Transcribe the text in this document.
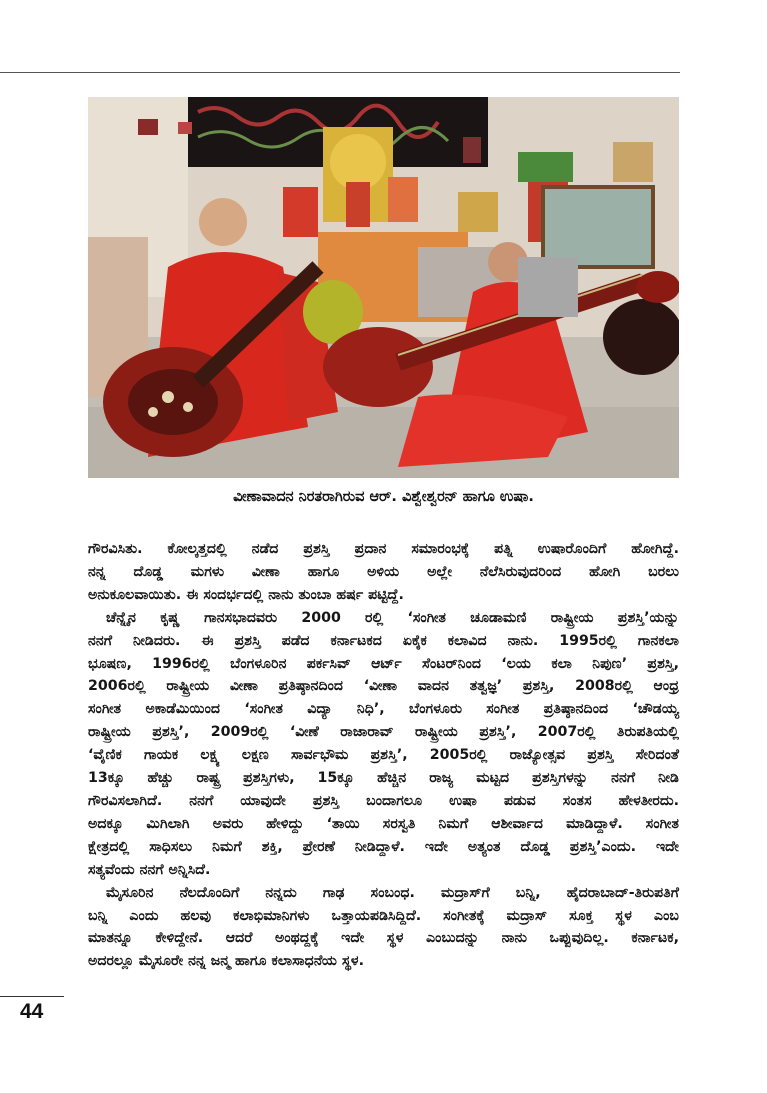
ವೀಣಾವಾದನ ನಿರತರಾಗಿರುವ ಆರ್. ವಿಶ್ವೇಶ್ವರನ್ ಹಾಗೂ ಉಷಾ.

ಗೌರವಿಸಿತು. ಕೋಲ್ಕತ್ತದಲ್ಲಿ ನಡೆದ ಪ್ರಶಸ್ತಿ ಪ್ರದಾನ ಸಮಾರಂಭಕ್ಕೆ ಪತ್ನಿ ಉಷಾರೊಂದಿಗೆ ಹೋಗಿದ್ದೆ.

ನನ್ನ ದೊಡ್ಡ ಮಗಳು ವೀಣಾ ಹಾಗೂ ಅಳಿಯ ಅಲ್ಲೇ ನೆಲೆಸಿರುವುದರಿಂದ ಹೋಗಿ ಬರಲು

ಅನುಕೂಲವಾಯಿತು. ಈ ಸಂದರ್ಭದಲ್ಲಿ ನಾನು ತುಂಬಾ ಹರ್ಷ ಪಟ್ಟಿದ್ದೆ.

ಚೆನ್ನೈನ ಕೃಷ್ಣ ಗಾನಸಭಾದವರು 2000 ರಲ್ಲಿ ‘ಸಂಗೀತ ಚೂಡಾಮಣಿ ರಾಷ್ಟ್ರೀಯ ಪ್ರಶಸ್ತಿ’ಯನ್ನು

ನನಗೆ ನೀಡಿದರು. ಈ ಪ್ರಶಸ್ತಿ ಪಡೆದ ಕರ್ನಾಟಕದ ಏಕೈಕ ಕಲಾವಿದ ನಾನು. 1995ರಲ್ಲಿ ಗಾನಕಲಾ

ಭೂಷಣ, 1996ರಲ್ಲಿ ಬೆಂಗಳೂರಿನ ಪರ್ಕಸಿವ್ ಆರ್ಟ್ ಸೆಂಟರ್‌ನಿಂದ ‘ಲಯ ಕಲಾ ನಿಪುಣ’ ಪ್ರಶಸ್ತಿ,

2006ರಲ್ಲಿ ರಾಷ್ಟ್ರೀಯ ವೀಣಾ ಪ್ರತಿಷ್ಠಾನದಿಂದ ‘ವೀಣಾ ವಾದನ ತತ್ವಜ್ಞ’ ಪ್ರಶಸ್ತಿ, 2008ರಲ್ಲಿ ಆಂಧ್ರ

ಸಂಗೀತ ಅಕಾಡೆಮಿಯಿಂದ ‘ಸಂಗೀತ ವಿದ್ಯಾ ನಿಧಿ’, ಬೆಂಗಳೂರು ಸಂಗೀತ ಪ್ರತಿಷ್ಠಾನದಿಂದ ‘ಚೌಡಯ್ಯ

ರಾಷ್ಟ್ರೀಯ ಪ್ರಶಸ್ತಿ’, 2009ರಲ್ಲಿ ‘ವೀಣೆ ರಾಜಾರಾವ್ ರಾಷ್ಟ್ರೀಯ ಪ್ರಶಸ್ತಿ’, 2007ರಲ್ಲಿ ತಿರುಪತಿಯಲ್ಲಿ

‘ವೈಣಿಕ ಗಾಯಕ ಲಕ್ಷ್ಯ ಲಕ್ಷಣ ಸಾರ್ವಭೌಮ ಪ್ರಶಸ್ತಿ’, 2005ರಲ್ಲಿ ರಾಜ್ಯೋತ್ಸವ ಪ್ರಶಸ್ತಿ ಸೇರಿದಂತೆ

13ಕ್ಕೂ ಹೆಚ್ಚು ರಾಷ್ಟ್ರ ಪ್ರಶಸ್ತಿಗಳು, 15ಕ್ಕೂ ಹೆಚ್ಚಿನ ರಾಜ್ಯ ಮಟ್ಟದ ಪ್ರಶಸ್ತಿಗಳನ್ನು ನನಗೆ ನೀಡಿ

ಗೌರವಿಸಲಾಗಿದೆ. ನನಗೆ ಯಾವುದೇ ಪ್ರಶಸ್ತಿ ಬಂದಾಗಲೂ ಉಷಾ ಪಡುವ ಸಂತಸ ಹೇಳತೀರದು.

ಅದಕ್ಕೂ ಮಿಗಿಲಾಗಿ ಅವರು ಹೇಳಿದ್ದು ‘ತಾಯಿ ಸರಸ್ವತಿ ನಿಮಗೆ ಆಶೀರ್ವಾದ ಮಾಡಿದ್ದಾಳೆ. ಸಂಗೀತ

ಕ್ಷೇತ್ರದಲ್ಲಿ ಸಾಧಿಸಲು ನಿಮಗೆ ಶಕ್ತಿ, ಪ್ರೇರಣೆ ನೀಡಿದ್ದಾಳೆ. ಇದೇ ಅತ್ಯಂತ ದೊಡ್ಡ ಪ್ರಶಸ್ತಿ’ಎಂದು. ಇದೇ

ಸತ್ಯವೆಂದು ನನಗೆ ಅನ್ನಿಸಿದೆ.

ಮೈಸೂರಿನ ನೆಲದೊಂದಿಗೆ ನನ್ನದು ಗಾಢ ಸಂಬಂಧ. ಮದ್ರಾಸ್‌ಗೆ ಬನ್ನಿ, ಹೈದರಾಬಾದ್-ತಿರುಪತಿಗೆ

ಬನ್ನಿ ಎಂದು ಹಲವು ಕಲಾಭಿಮಾನಿಗಳು ಒತ್ತಾಯಪಡಿಸಿದ್ದಿದೆ. ಸಂಗೀತಕ್ಕೆ ಮದ್ರಾಸ್ ಸೂಕ್ತ ಸ್ಥಳ ಎಂಬ

ಮಾತನ್ನೂ ಕೇಳಿದ್ದೇನೆ. ಆದರೆ ಅಂಥದ್ದಕ್ಕೆ ಇದೇ ಸ್ಥಳ ಎಂಬುದನ್ನು ನಾನು ಒಪ್ಪುವುದಿಲ್ಲ. ಕರ್ನಾಟಕ,

ಅದರಲ್ಲೂ ಮೈಸೂರೇ ನನ್ನ ಜನ್ಮ ಹಾಗೂ ಕಲಾಸಾಧನೆಯ ಸ್ಥಳ.

44
